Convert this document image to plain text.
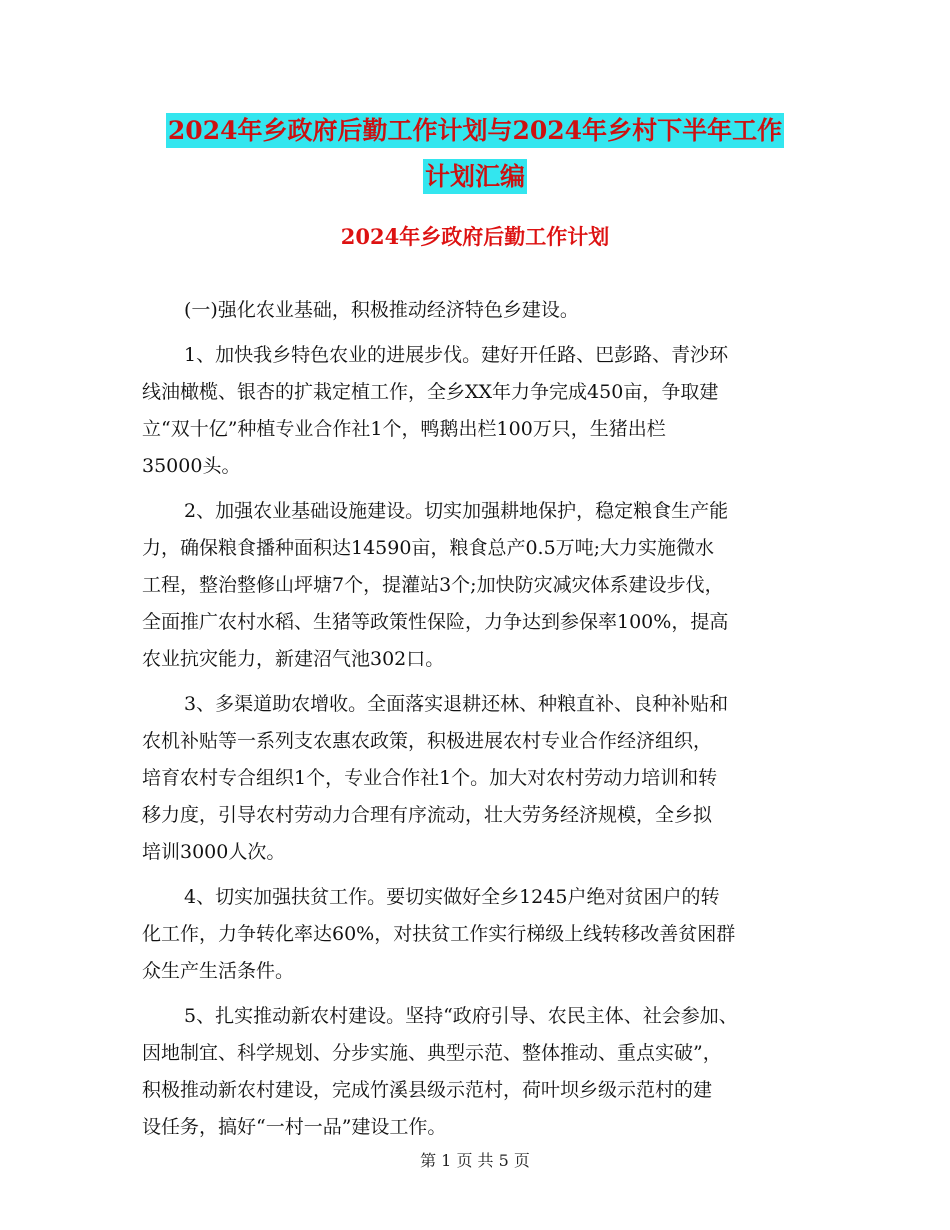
2024年乡政府后勤工作计划与2024年乡村下半年工作
计划汇编
2024年乡政府后勤工作计划

(一)强化农业基础，积极推动经济特色乡建设。

1、加快我乡特色农业的进展步伐。建好开任路、巴彭路、青沙环
线油橄榄、银杏的扩栽定植工作，全乡XX年力争完成450亩，争取建
立“双十亿”种植专业合作社1个，鸭鹅出栏100万只，生猪出栏
35000头。

2、加强农业基础设施建设。切实加强耕地保护，稳定粮食生产能
力，确保粮食播种面积达14590亩，粮食总产0.5万吨;大力实施微水
工程，整治整修山坪塘7个，提灌站3个;加快防灾减灾体系建设步伐，
全面推广农村水稻、生猪等政策性保险，力争达到参保率100%，提高
农业抗灾能力，新建沼气池302口。

3、多渠道助农增收。全面落实退耕还林、种粮直补、良种补贴和
农机补贴等一系列支农惠农政策，积极进展农村专业合作经济组织，
培育农村专合组织1个，专业合作社1个。加大对农村劳动力培训和转
移力度，引导农村劳动力合理有序流动，壮大劳务经济规模，全乡拟
培训3000人次。

4、切实加强扶贫工作。要切实做好全乡1245户绝对贫困户的转
化工作，力争转化率达60%，对扶贫工作实行梯级上线转移改善贫困群
众生产生活条件。

5、扎实推动新农村建设。坚持“政府引导、农民主体、社会参加、
因地制宜、科学规划、分步实施、典型示范、整体推动、重点实破”，
积极推动新农村建设，完成竹溪县级示范村，荷叶坝乡级示范村的建
设任务，搞好“一村一品”建设工作。

第 1 页 共 5 页
